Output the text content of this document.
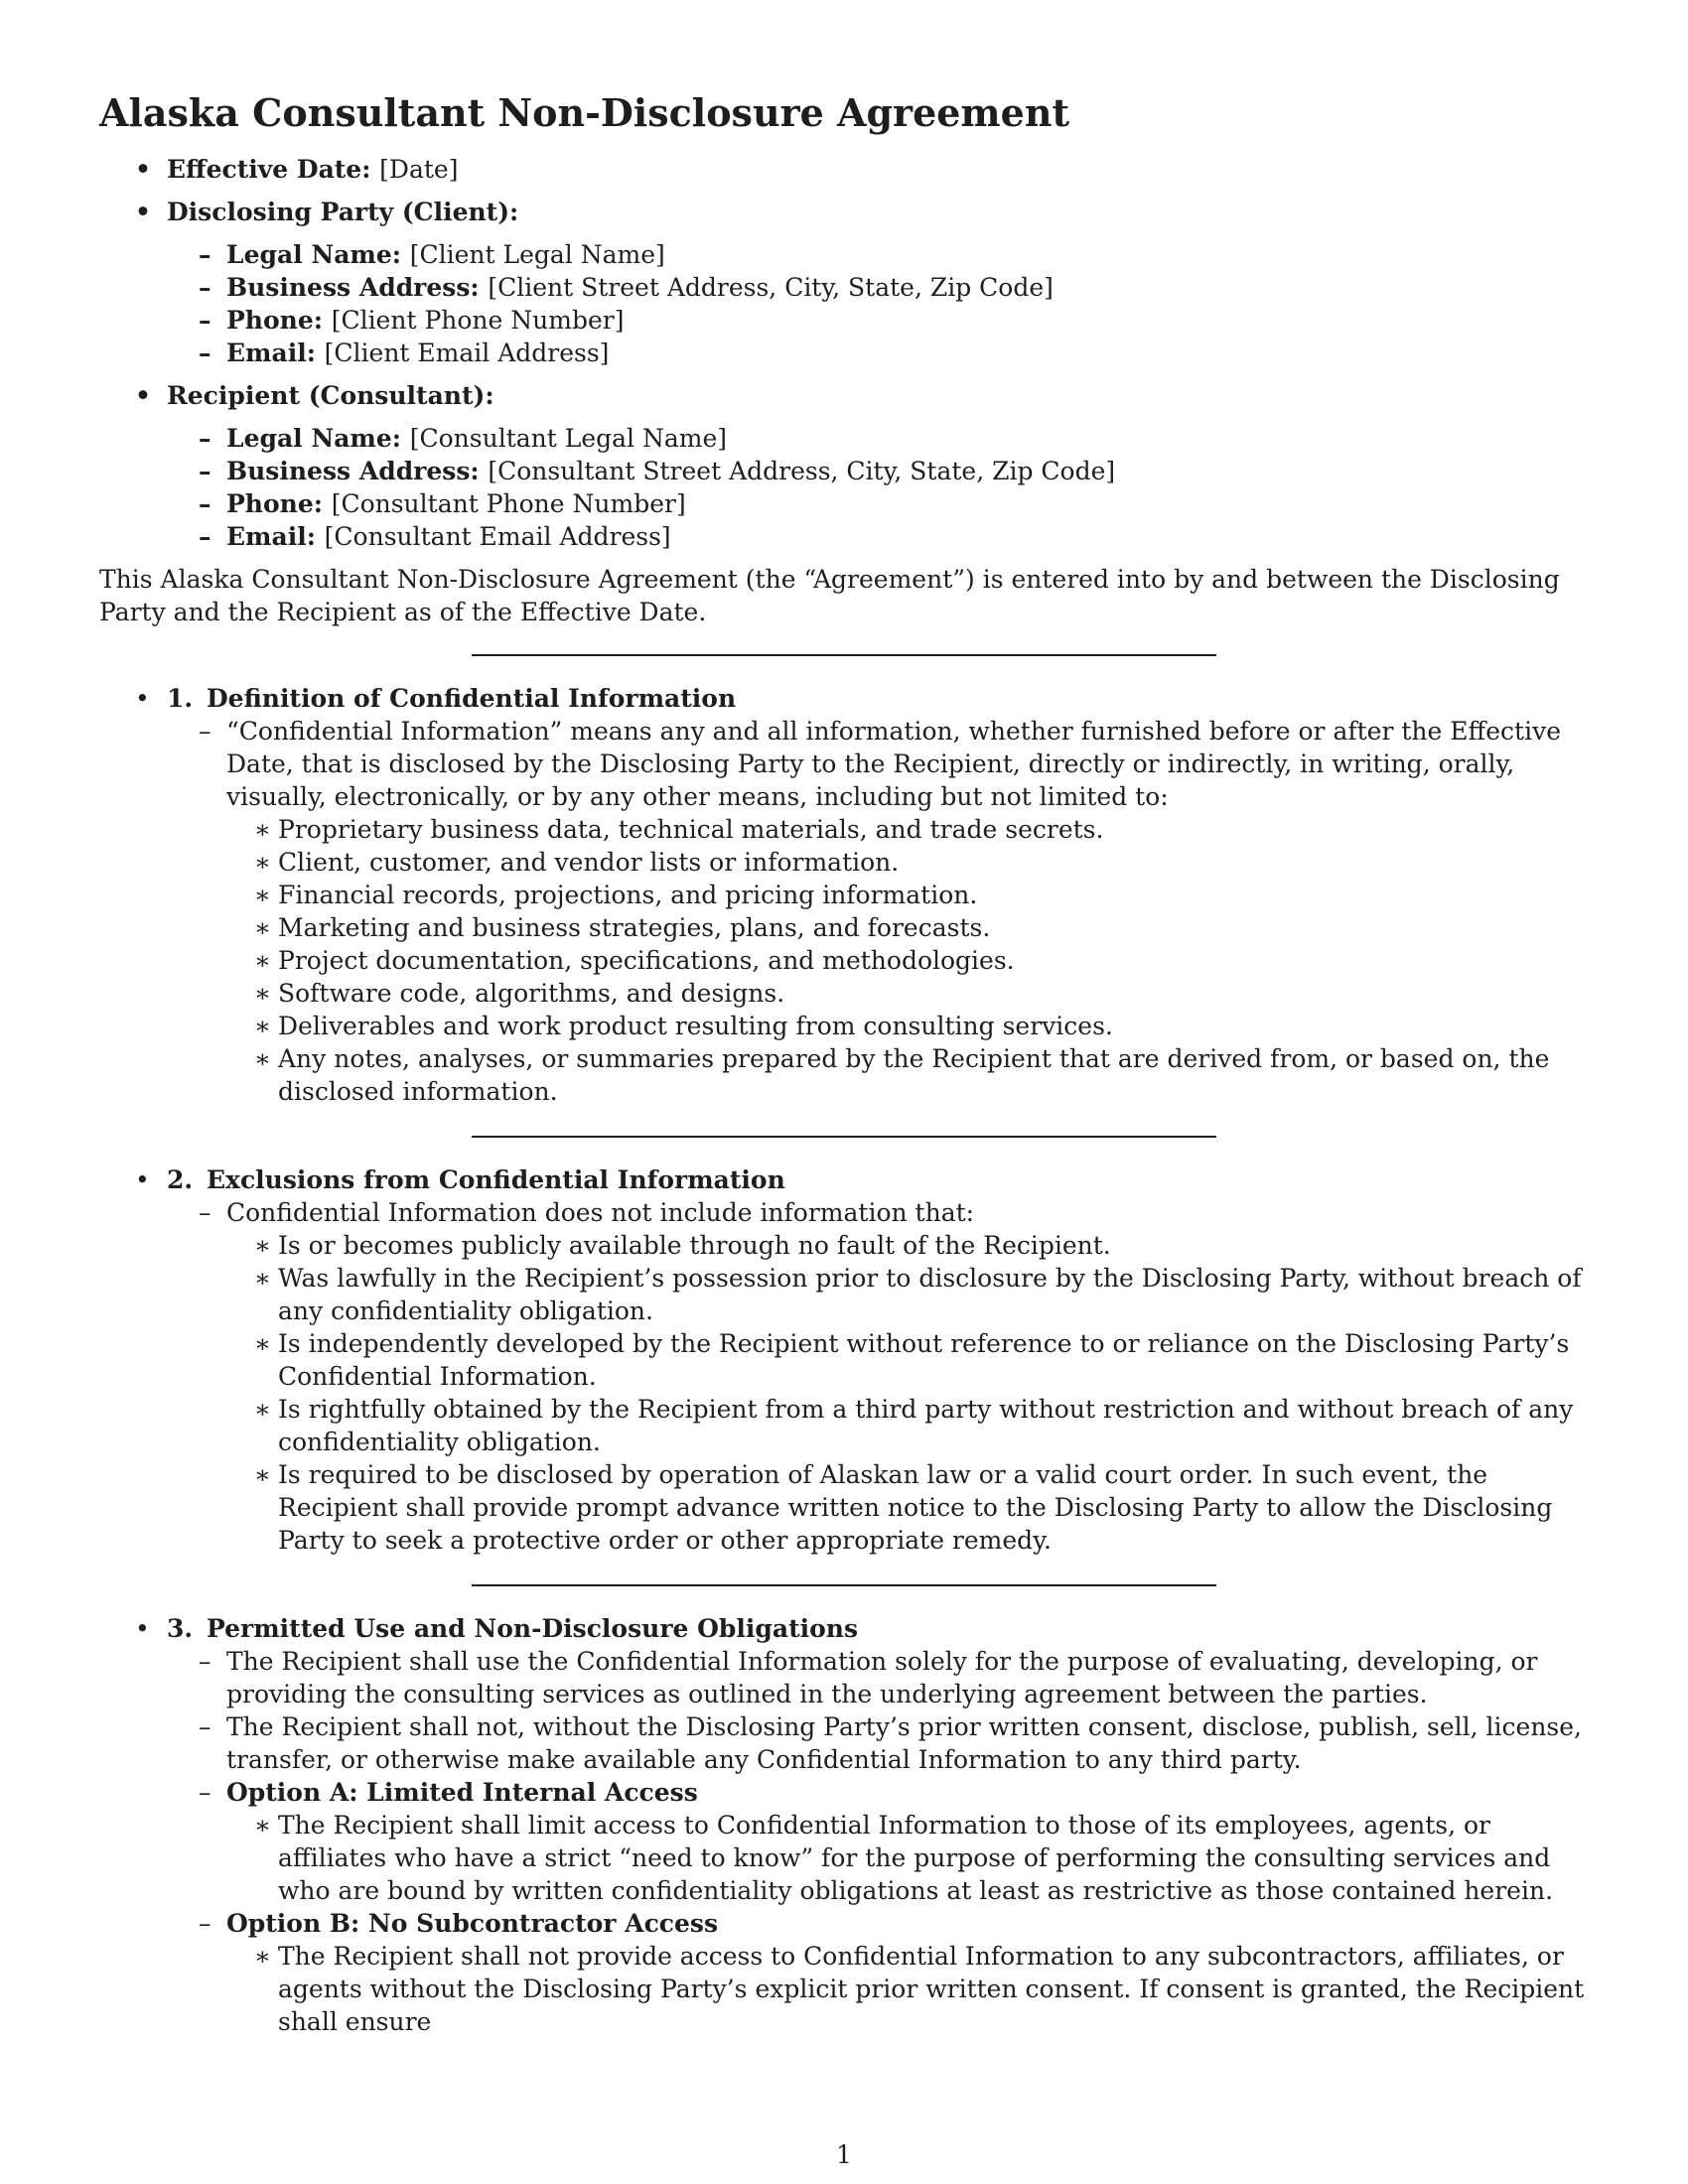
Alaska Consultant Non-Disclosure Agreement
• Effective Date: [Date]
• Disclosing Party (Client):
– Legal Name: [Client Legal Name]
– Business Address: [Client Street Address, City, State, Zip Code]
– Phone: [Client Phone Number]
– Email: [Client Email Address]
• Recipient (Consultant):
– Legal Name: [Consultant Legal Name]
– Business Address: [Consultant Street Address, City, State, Zip Code]
– Phone: [Consultant Phone Number]
– Email: [Consultant Email Address]

This Alaska Consultant Non-Disclosure Agreement (the “Agreement”) is entered into by and between the Disclosing Party and the Recipient as of the Effective Date.

• 1. Definition of Confidential Information
– “Confidential Information” means any and all information, whether furnished before or after the Effective Date, that is disclosed by the Disclosing Party to the Recipient, directly or indirectly, in writing, orally, visually, electronically, or by any other means, including but not limited to:
∗ Proprietary business data, technical materials, and trade secrets.
∗ Client, customer, and vendor lists or information.
∗ Financial records, projections, and pricing information.
∗ Marketing and business strategies, plans, and forecasts.
∗ Project documentation, specifications, and methodologies.
∗ Software code, algorithms, and designs.
∗ Deliverables and work product resulting from consulting services.
∗ Any notes, analyses, or summaries prepared by the Recipient that are derived from, or based on, the disclosed information.
• 2. Exclusions from Confidential Information
– Confidential Information does not include information that:
∗ Is or becomes publicly available through no fault of the Recipient.
∗ Was lawfully in the Recipient’s possession prior to disclosure by the Disclosing Party, without breach of any confidentiality obligation.
∗ Is independently developed by the Recipient without reference to or reliance on the Disclosing Party’s Confidential Information.
∗ Is rightfully obtained by the Recipient from a third party without restriction and without breach of any confidentiality obligation.
∗ Is required to be disclosed by operation of Alaskan law or a valid court order. In such event, the Recipient shall provide prompt advance written notice to the Disclosing Party to allow the Disclosing Party to seek a protective order or other appropriate remedy.
• 3. Permitted Use and Non-Disclosure Obligations
– The Recipient shall use the Confidential Information solely for the purpose of evaluating, developing, or providing the consulting services as outlined in the underlying agreement between the parties.
– The Recipient shall not, without the Disclosing Party’s prior written consent, disclose, publish, sell, license, transfer, or otherwise make available any Confidential Information to any third party.
– Option A: Limited Internal Access
∗ The Recipient shall limit access to Confidential Information to those of its employees, agents, or affiliates who have a strict “need to know” for the purpose of performing the consulting services and who are bound by written confidentiality obligations at least as restrictive as those contained herein.
– Option B: No Subcontractor Access
∗ The Recipient shall not provide access to Confidential Information to any subcontractors, affiliates, or agents without the Disclosing Party’s explicit prior written consent. If consent is granted, the Recipient shall ensure
1
